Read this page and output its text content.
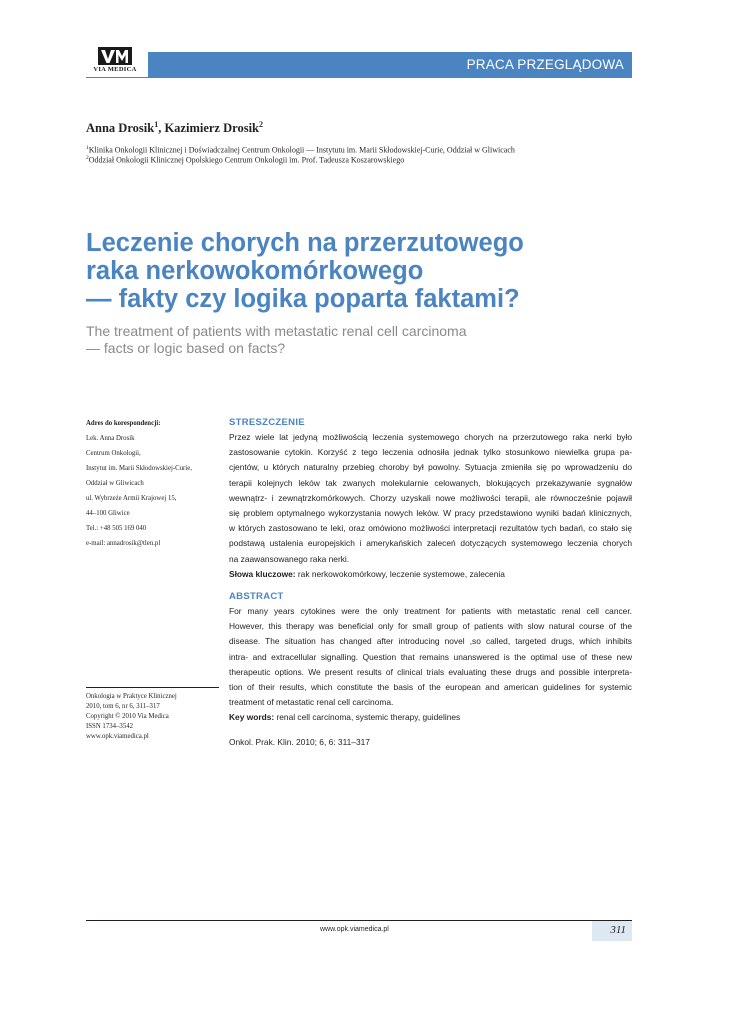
VIA MEDICA	PRACA PRZEGLĄDOWA
Anna Drosik$^1$, Kazimierz Drosik$^2$
$^1$Klinika Onkologii Klinicznej i Doświadczalnej Centrum Onkologii — Instytutu im. Marii Skłodowskiej-Curie, Oddział w Gliwicach
$^2$Oddział Onkologii Klinicznej Opolskiego Centrum Onkologii im. Prof. Tadeusza Koszarowskiego
Leczenie chorych na przerzutowego
raka nerkowokomórkowego
— fakty czy logika poparta faktami?
The treatment of patients with metastatic renal cell carcinoma
— facts or logic based on facts?
Adres do korespondencji:
Lek. Anna Drosik
Centrum Onkologii,
Instytut im. Marii Skłodowskiej-Curie,
Oddział w Gliwicach
ul. Wybrzeże Armii Krajowej 15,
44–100 Gliwice
Tel.: +48 505 169 040
e-mail: annadrosik@tlen.pl
Onkologia w Praktyce Klinicznej
2010, tom 6, nr 6, 311–317
Copyright © 2010 Via Medica
ISSN 1734–3542
www.opk.viamedica.pl
STRESZCZENIE
Przez wiele lat jedyną możliwością leczenia systemowego chorych na przerzutowego raka nerki było
zastosowanie cytokin. Korzyść z tego leczenia odnosiła jednak tylko stosunkowo niewielka grupa pa-
cjentów, u których naturalny przebieg choroby był powolny. Sytuacja zmieniła się po wprowadzeniu do
terapii kolejnych leków tak zwanych molekularnie celowanych, blokujących przekazywanie sygnałów
wewnątrz- i zewnątrzkomórkowych. Chorzy uzyskali nowe możliwości terapii, ale równocześnie pojawił
się problem optymalnego wykorzystania nowych leków. W pracy przedstawiono wyniki badań klinicznych,
w których zastosowano te leki, oraz omówiono możliwości interpretacji rezultatów tych badań, co stało się
podstawą ustalenia europejskich i amerykańskich zaleceń dotyczących systemowego leczenia chorych
na zaawansowanego raka nerki.
Słowa kluczowe: rak nerkowokomórkowy, leczenie systemowe, zalecenia
ABSTRACT
For many years cytokines were the only treatment for patients with metastatic renal cell cancer.
However, this therapy was beneficial only for small group of patients with slow natural course of the
disease. The situation has changed after introducing novel ,so called, targeted drugs, which inhibits
intra- and extracellular signalling. Question that remains unanswered is the optimal use of these new
therapeutic options. We present results of clinical trials evaluating these drugs and possible interpreta-
tion of their results, which constitute the basis of the european and american guidelines for systemic
treatment of metastatic renal cell carcinoma.
Key words: renal cell carcinoma, systemic therapy, guidelines
Onkol. Prak. Klin. 2010; 6, 6: 311–317
www.opk.viamedica.pl	311
